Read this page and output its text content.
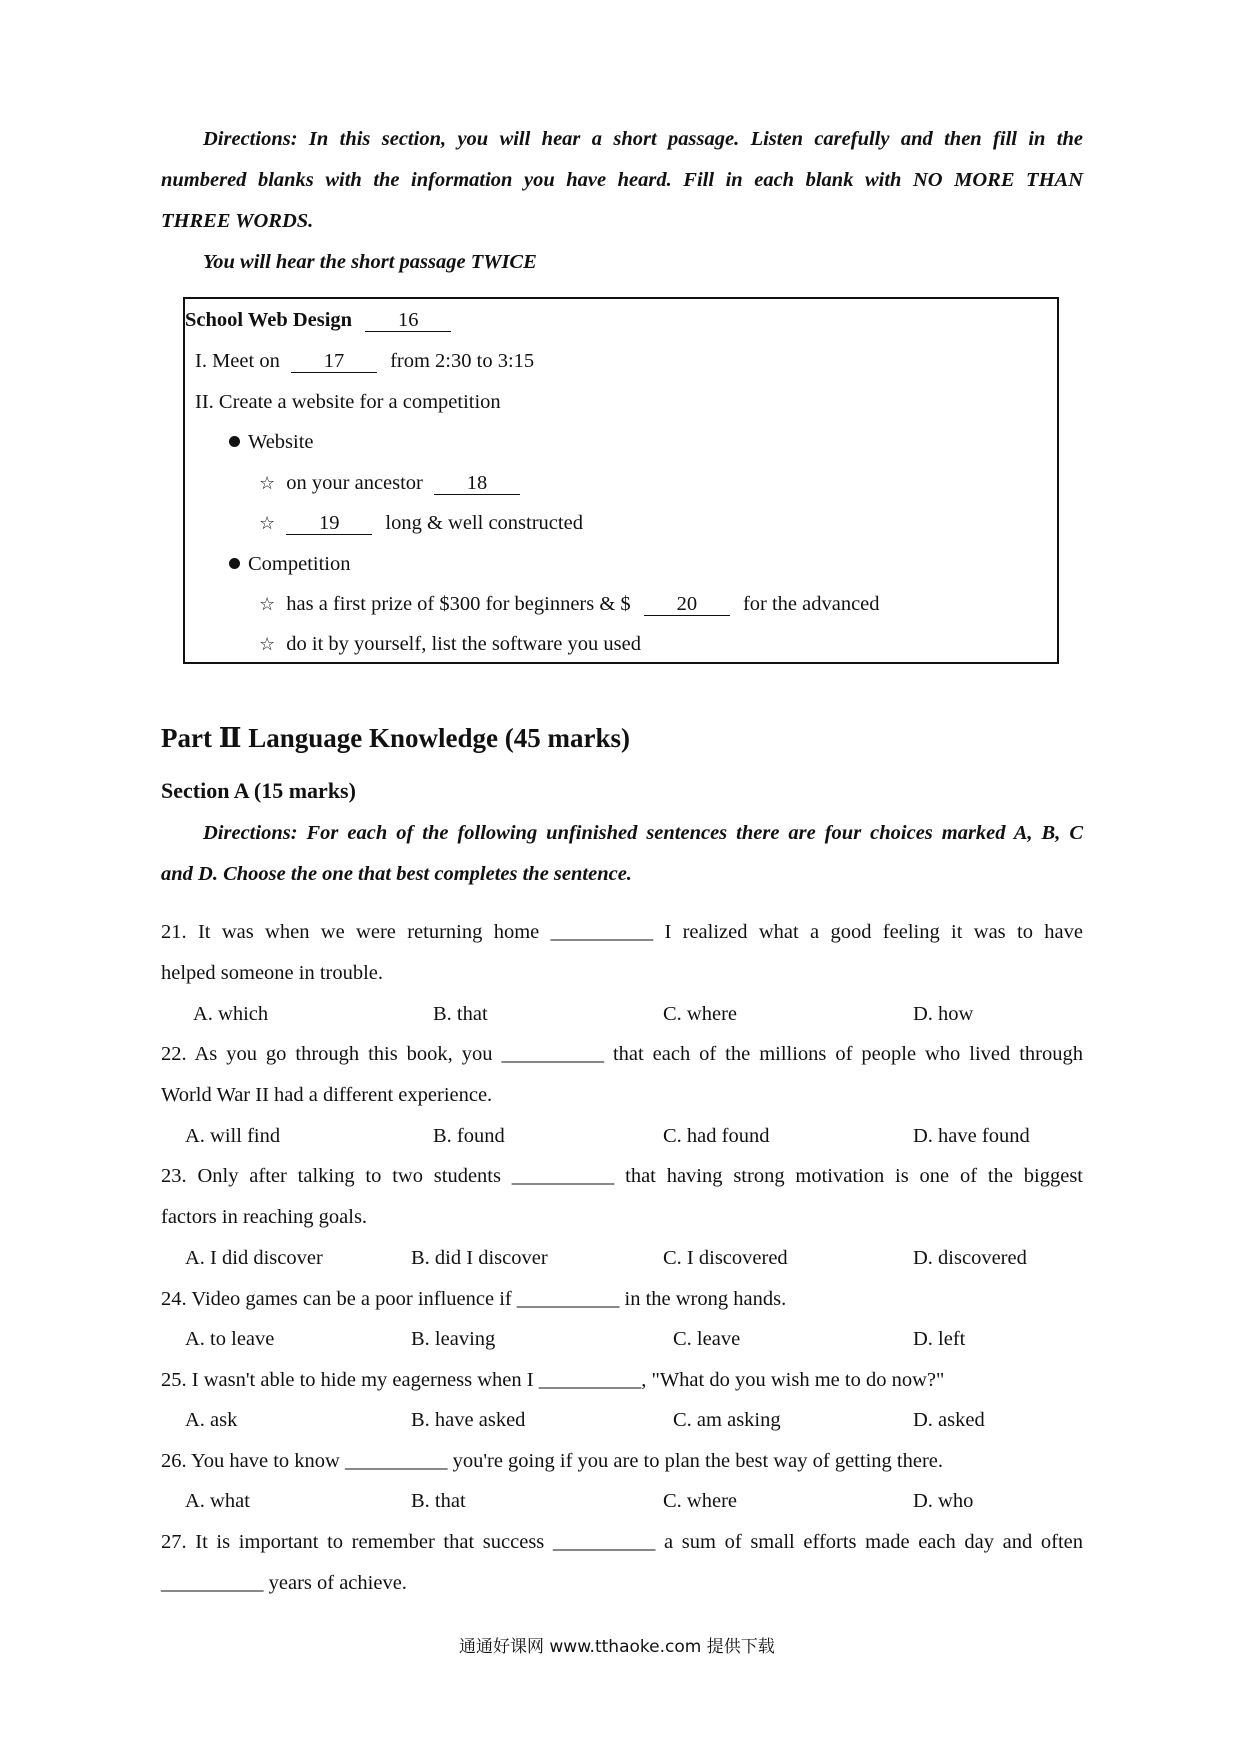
Directions: In this section, you will hear a short passage. Listen carefully and then fill in the
numbered blanks with the information you have heard. Fill in each blank with NO MORE THAN
THREE WORDS.
You will hear the short passage TWICE
School Web Design 16
I. Meet on 17 from 2:30 to 3:15
II. Create a website for a competition
Website
☆ on your ancestor 18
☆ 19 long & well constructed
Competition
☆ has a first prize of $300 for beginners & $ 20 for the advanced
☆ do it by yourself, list the software you used
Part Ⅱ Language Knowledge (45 marks)
Section A (15 marks)
Directions: For each of the following unfinished sentences there are four choices marked A, B, C
and D. Choose the one that best completes the sentence.
21. It was when we were returning home __________ I realized what a good feeling it was to have
helped someone in trouble.
A. which	B. that	C. where	D. how
22. As you go through this book, you __________ that each of the millions of people who lived through
World War II had a different experience.
A. will find	B. found	C. had found	D. have found
23. Only after talking to two students __________ that having strong motivation is one of the biggest
factors in reaching goals.
A. I did discover	B. did I discover	C. I discovered	D. discovered
24. Video games can be a poor influence if __________ in the wrong hands.
A. to leave	B. leaving	C. leave	D. left
25. I wasn't able to hide my eagerness when I __________, "What do you wish me to do now?"
A. ask	B. have asked	C. am asking	D. asked
26. You have to know __________ you're going if you are to plan the best way of getting there.
A. what	B. that	C. where	D. who
27. It is important to remember that success __________ a sum of small efforts made each day and often
__________ years of achieve.
通通好课网 www.tthaoke.com 提供下载
